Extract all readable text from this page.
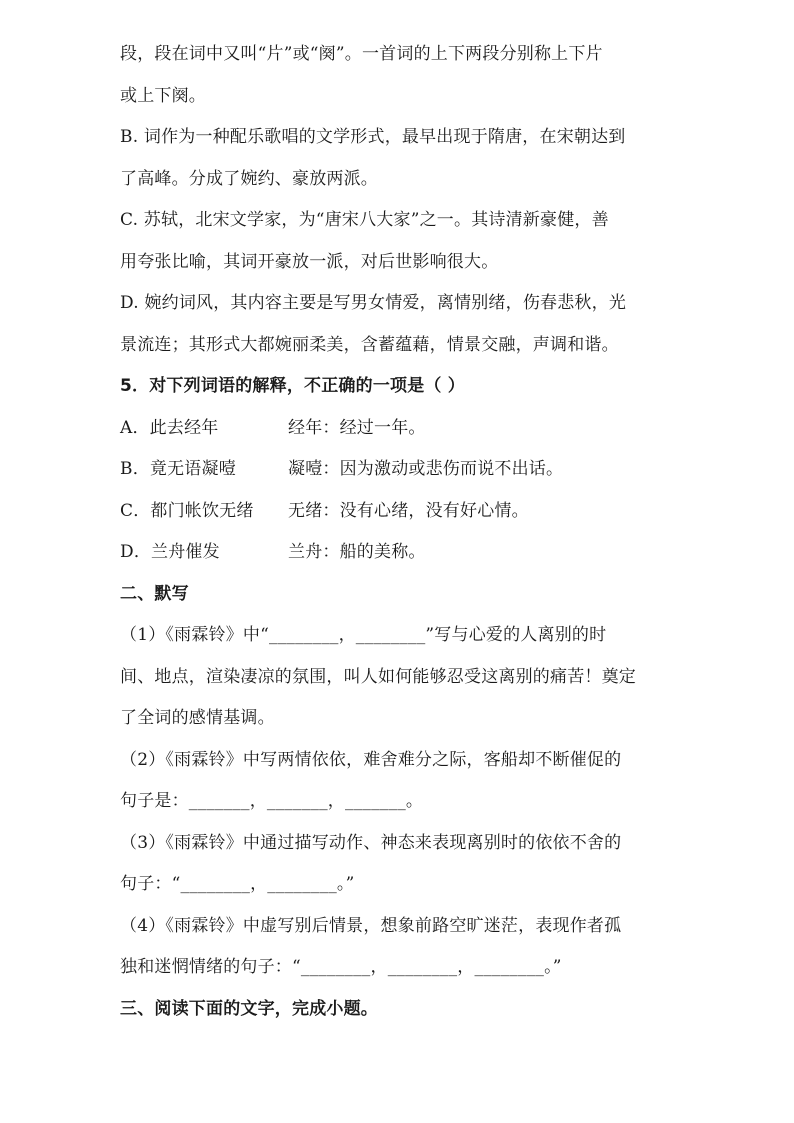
段，段在词中又叫“片”或“阕”。一首词的上下两段分别称上下片
或上下阕。
B. 词作为一种配乐歌唱的文学形式，最早出现于隋唐，在宋朝达到
了高峰。分成了婉约、豪放两派。
C. 苏轼，北宋文学家，为“唐宋八大家”之一。其诗清新豪健，善
用夸张比喻，其词开豪放一派，对后世影响很大。
D. 婉约词风，其内容主要是写男女情爱，离情别绪，伤春悲秋，光
景流连；其形式大都婉丽柔美，含蓄蕴藉，情景交融，声调和谐。
5．对下列词语的解释，不正确的一项是（ ）
A．此去经年	经年：经过一年。
B．竟无语凝噎	凝噎：因为激动或悲伤而说不出话。
C．都门帐饮无绪	无绪：没有心绪，没有好心情。
D．兰舟催发	兰舟：船的美称。
二、默写
（1）《雨霖铃》中“________，________”写与心爱的人离别的时
间、地点，渲染凄凉的氛围，叫人如何能够忍受这离别的痛苦！奠定
了全词的感情基调。
（2）《雨霖铃》中写两情依依，难舍难分之际，客船却不断催促的
句子是：_______，_______，_______。
（3）《雨霖铃》中通过描写动作、神态来表现离别时的依依不舍的
句子：“________，________。”
（4）《雨霖铃》中虚写别后情景，想象前路空旷迷茫，表现作者孤
独和迷惘情绪的句子：“________，________，________。”
三、阅读下面的文字，完成小题。
